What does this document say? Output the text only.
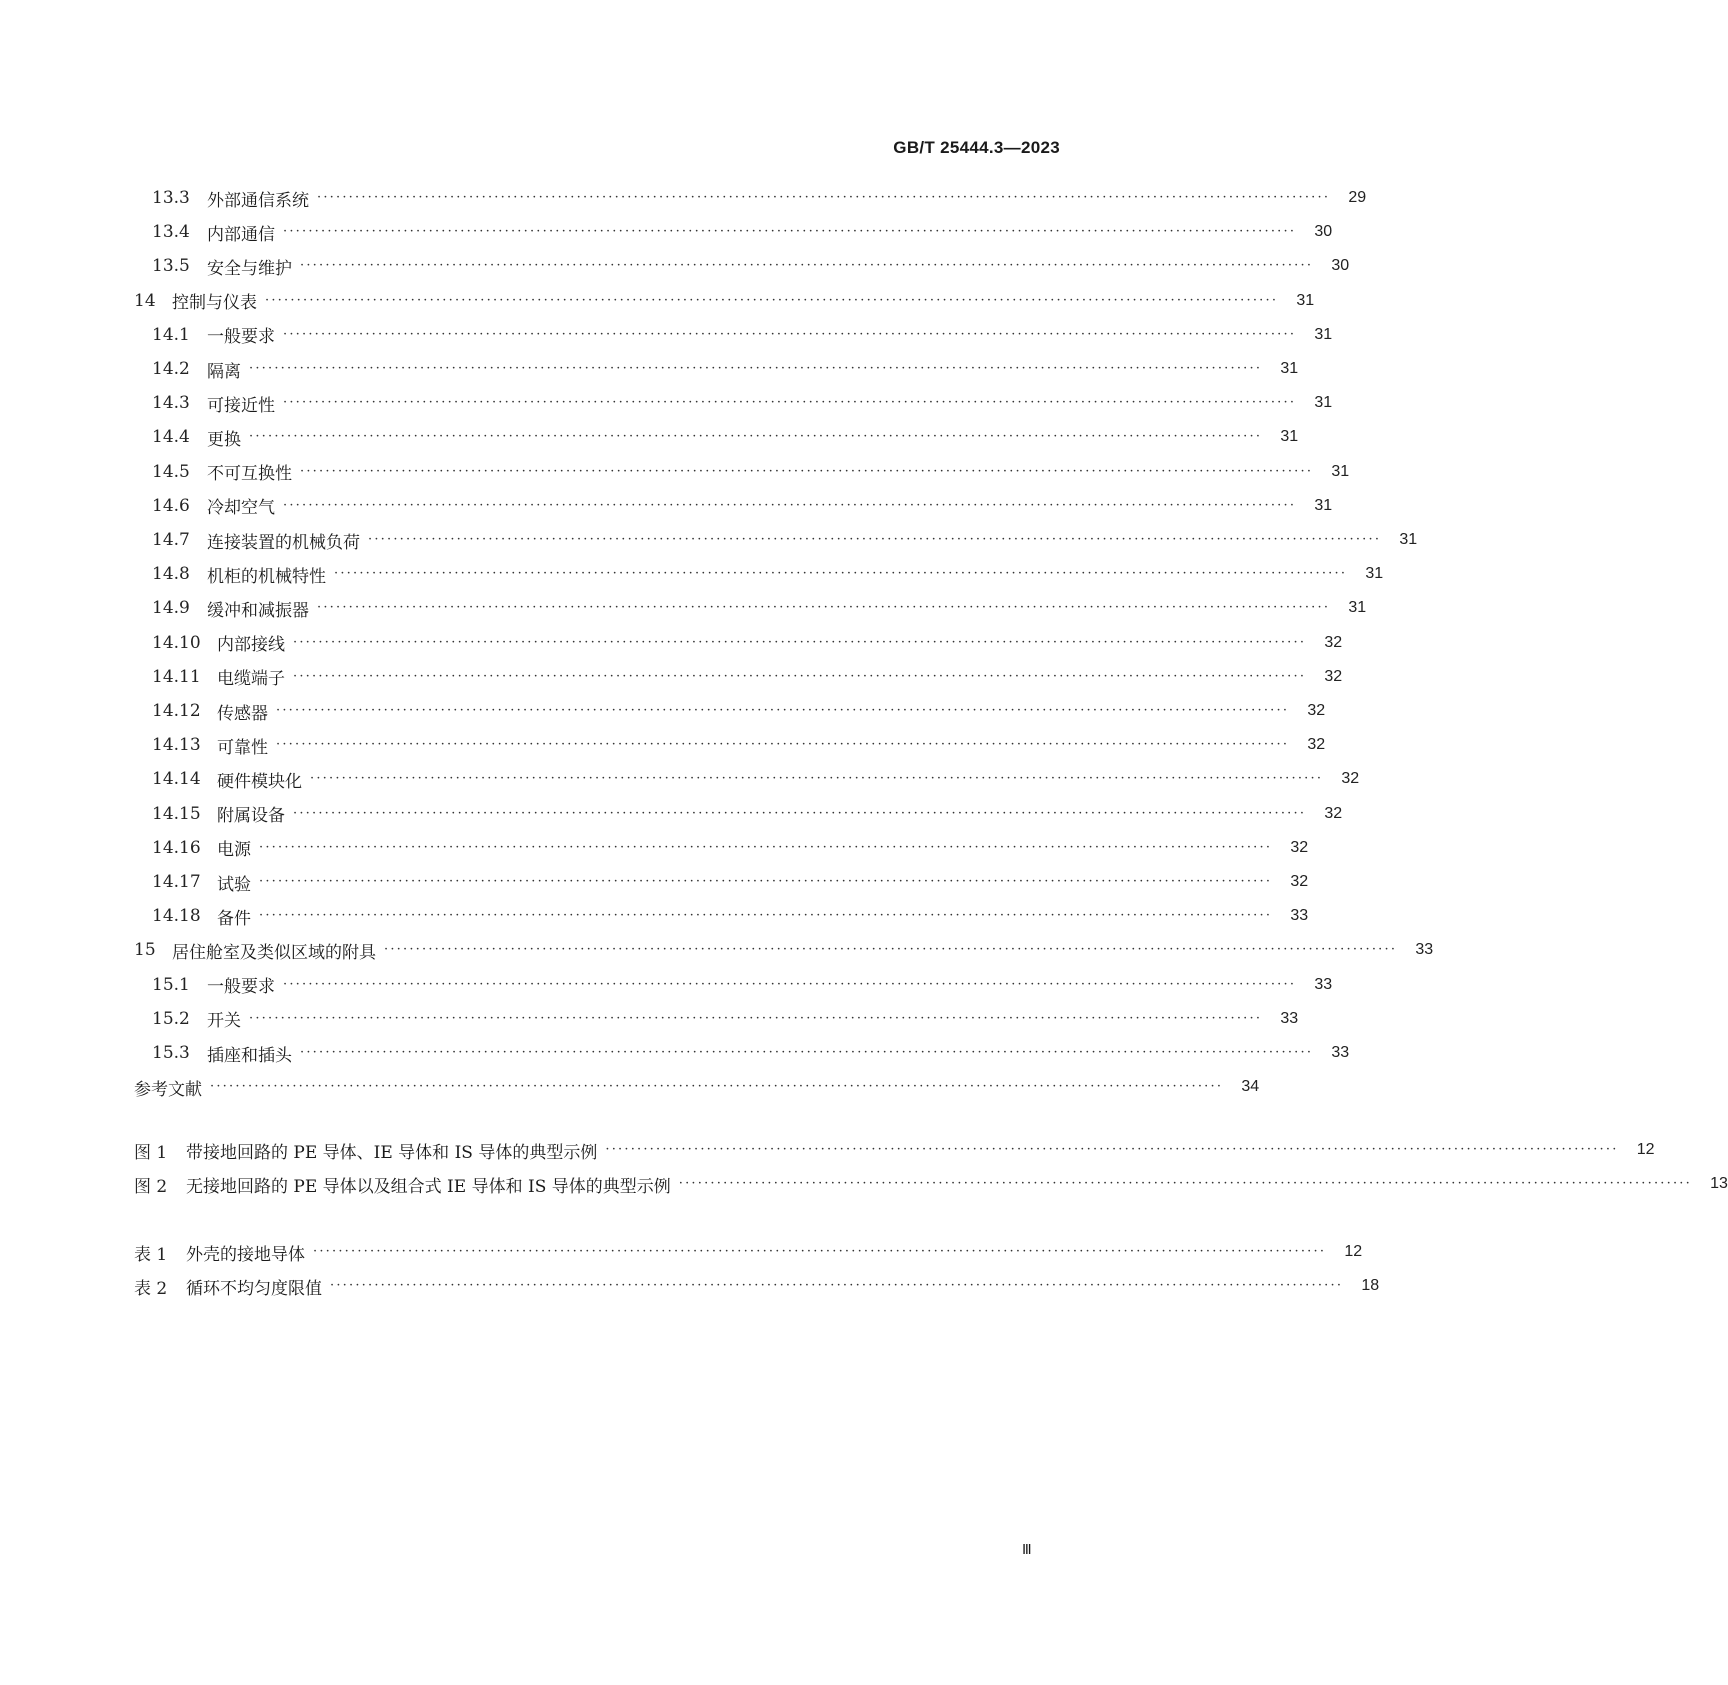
GB/T 25444.3—2023
13.3 外部通信系统 ································································································································································	29
13.4 内部通信 ································································································································································	30
13.5 安全与维护 ································································································································································	30
14 控制与仪表 ································································································································································	31
14.1 一般要求 ································································································································································	31
14.2 隔离 ································································································································································	31
14.3 可接近性 ································································································································································	31
14.4 更换 ································································································································································	31
14.5 不可互换性 ································································································································································	31
14.6 冷却空气 ································································································································································	31
14.7 连接装置的机械负荷 ································································································································································	31
14.8 机柜的机械特性 ································································································································································	31
14.9 缓冲和减振器 ································································································································································	31
14.10 内部接线 ································································································································································	32
14.11 电缆端子 ································································································································································	32
14.12 传感器 ································································································································································	32
14.13 可靠性 ································································································································································	32
14.14 硬件模块化 ································································································································································	32
14.15 附属设备 ································································································································································	32
14.16 电源 ································································································································································	32
14.17 试验 ································································································································································	32
14.18 备件 ································································································································································	33
15 居住舱室及类似区域的附具 ································································································································································	33
15.1 一般要求 ································································································································································	33
15.2 开关 ································································································································································	33
15.3 插座和插头 ································································································································································	33
参考文献 ································································································································································	34
图 1 带接地回路的 PE 导体、IE 导体和 IS 导体的典型示例 ································································································································································	12
图 2 无接地回路的 PE 导体以及组合式 IE 导体和 IS 导体的典型示例 ································································································································································	13
表 1 外壳的接地导体 ································································································································································	12
表 2 循环不均匀度限值 ································································································································································	18
Ⅲ
